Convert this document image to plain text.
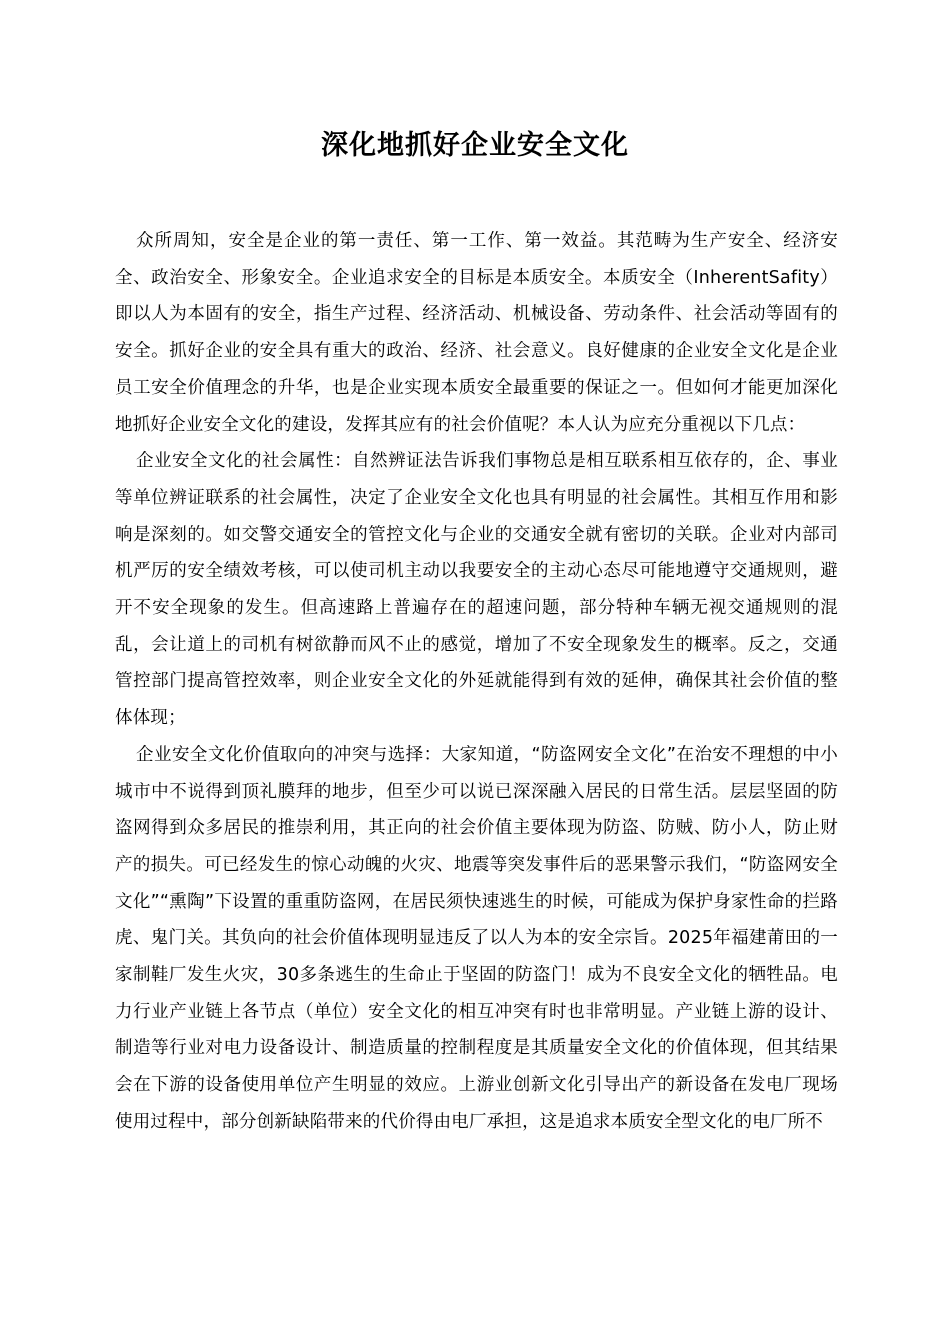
深化地抓好企业安全文化

众所周知，安全是企业的第一责任、第一工作、第一效益。其范畴为生产安全、经济安全、政治安全、形象安全。企业追求安全的目标是本质安全。本质安全（InherentSafity）即以人为本固有的安全，指生产过程、经济活动、机械设备、劳动条件、社会活动等固有的安全。抓好企业的安全具有重大的政治、经济、社会意义。良好健康的企业安全文化是企业员工安全价值理念的升华，也是企业实现本质安全最重要的保证之一。但如何才能更加深化地抓好企业安全文化的建设，发挥其应有的社会价值呢？本人认为应充分重视以下几点：

企业安全文化的社会属性：自然辨证法告诉我们事物总是相互联系相互依存的，企、事业等单位辨证联系的社会属性，决定了企业安全文化也具有明显的社会属性。其相互作用和影响是深刻的。如交警交通安全的管控文化与企业的交通安全就有密切的关联。企业对内部司机严厉的安全绩效考核，可以使司机主动以我要安全的主动心态尽可能地遵守交通规则，避开不安全现象的发生。但高速路上普遍存在的超速问题，部分特种车辆无视交通规则的混乱，会让道上的司机有树欲静而风不止的感觉，增加了不安全现象发生的概率。反之，交通管控部门提高管控效率，则企业安全文化的外延就能得到有效的延伸，确保其社会价值的整体体现；

企业安全文化价值取向的冲突与选择：大家知道，“防盗网安全文化”在治安不理想的中小城市中不说得到顶礼膜拜的地步，但至少可以说已深深融入居民的日常生活。层层坚固的防盗网得到众多居民的推崇利用，其正向的社会价值主要体现为防盗、防贼、防小人，防止财产的损失。可已经发生的惊心动魄的火灾、地震等突发事件后的恶果警示我们，“防盗网安全文化”“熏陶”下设置的重重防盗网，在居民须快速逃生的时候，可能成为保护身家性命的拦路虎、鬼门关。其负向的社会价值体现明显违反了以人为本的安全宗旨。2025年福建莆田的一家制鞋厂发生火灾，30多条逃生的生命止于坚固的防盗门！成为不良安全文化的牺牲品。电力行业产业链上各节点（单位）安全文化的相互冲突有时也非常明显。产业链上游的设计、制造等行业对电力设备设计、制造质量的控制程度是其质量安全文化的价值体现，但其结果会在下游的设备使用单位产生明显的效应。上游业创新文化引导出产的新设备在发电厂现场使用过程中，部分创新缺陷带来的代价得由电厂承担，这是追求本质安全型文化的电厂所不
